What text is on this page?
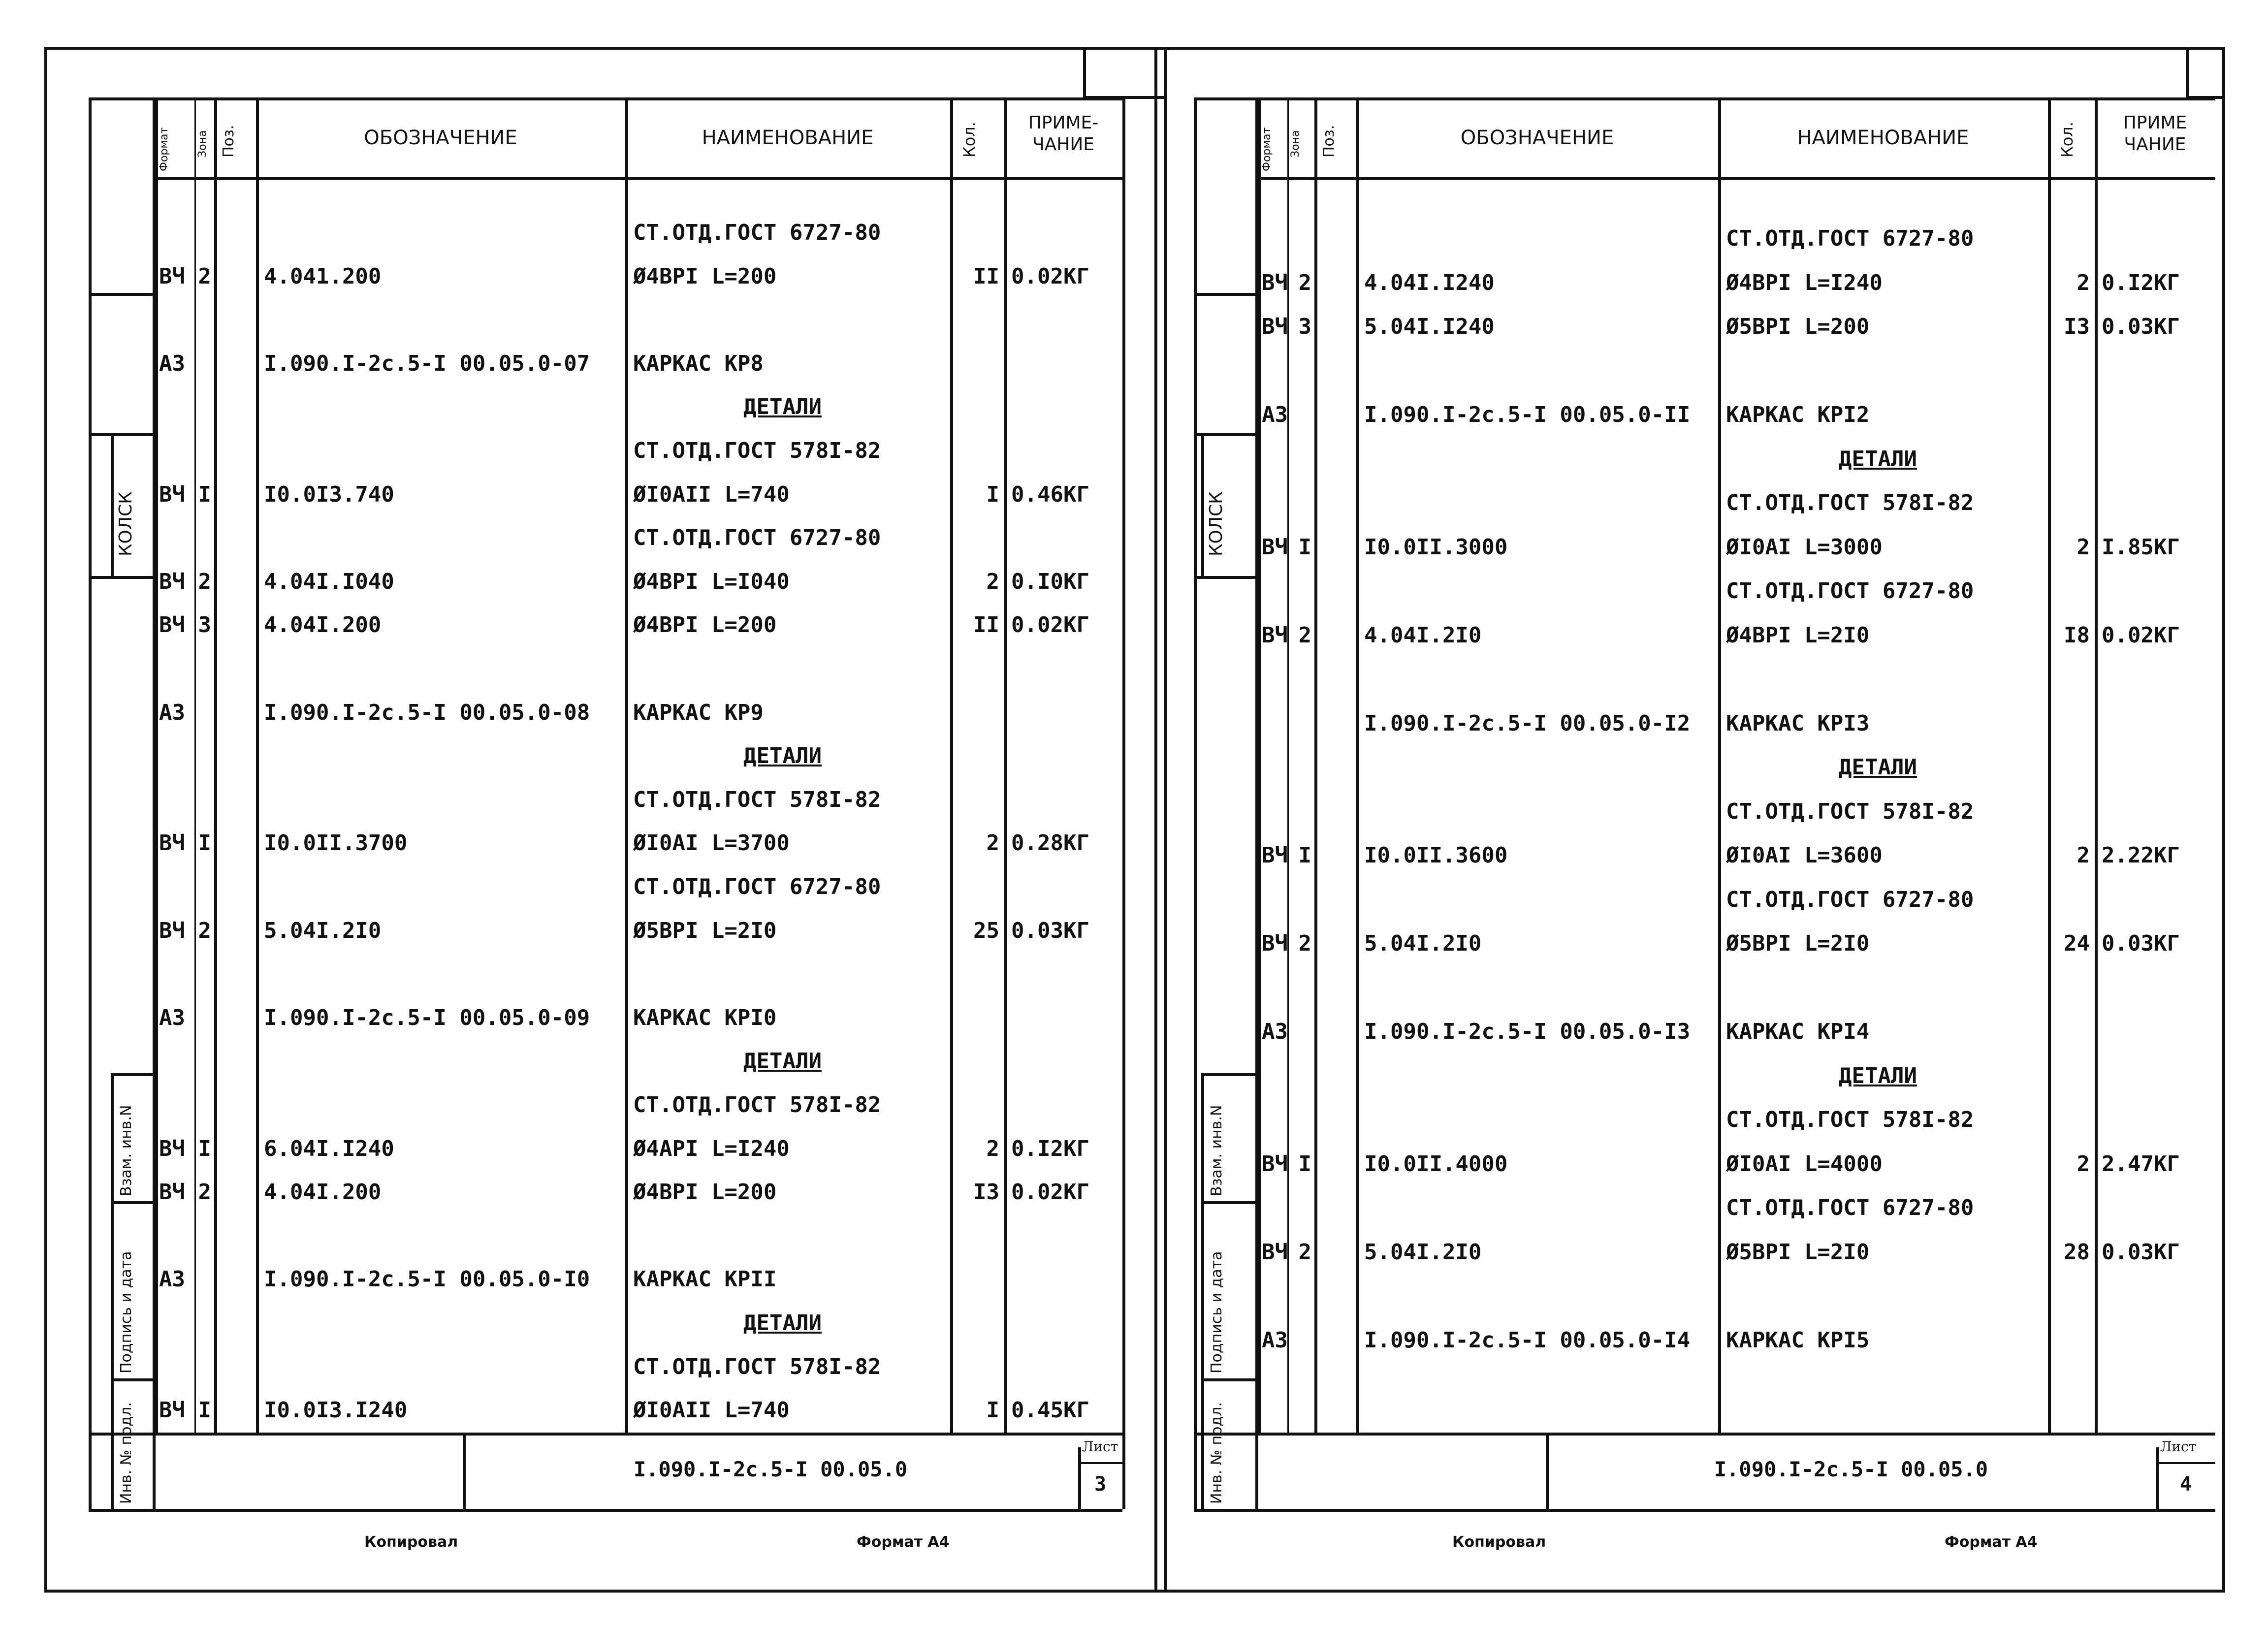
КОЛСК
Взам. инв.N
Подпись и дата
Инв. № подл.
Формат Зона Поз.	ОБОЗНАЧЕНИЕ	НАИМЕНОВАНИЕ	Кол.	ПРИМЕ-
ЧАНИЕ
СТ.ОТД.ГОСТ 6727-80
ВЧ 2 4.041.200	Ø4BPI L=200	II 0.02КГ
А3	I.090.I-2с.5-I 00.05.0-07 КАРКАС КР8
ДЕТАЛИ
СТ.ОТД.ГОСТ 578I-82
ВЧ I I0.0I3.740	ØI0AII L=740	I 0.46КГ
СТ.ОТД.ГОСТ 6727-80
ВЧ 2 4.04I.I040	Ø4BPI L=I040	2 0.I0КГ
ВЧ 3 4.04I.200	Ø4BPI L=200	II 0.02КГ
А3	I.090.I-2с.5-I 00.05.0-08 КАРКАС КР9
ДЕТАЛИ
СТ.ОТД.ГОСТ 578I-82
ВЧ I I0.0II.3700	ØI0AI L=3700	2 0.28КГ
СТ.ОТД.ГОСТ 6727-80
ВЧ 2 5.04I.2I0	Ø5BPI L=2I0	25 0.03КГ
А3	I.090.I-2с.5-I 00.05.0-09 КАРКАС КРI0
ДЕТАЛИ
СТ.ОТД.ГОСТ 578I-82
ВЧ I 6.04I.I240	Ø4API L=I240	2 0.I2КГ
ВЧ 2 4.04I.200	Ø4BPI L=200	I3 0.02КГ
А3	I.090.I-2с.5-I 00.05.0-I0 КАРКАС КРII
ДЕТАЛИ
СТ.ОТД.ГОСТ 578I-82
ВЧ I I0.0I3.I240	ØI0AII L=740	I 0.45КГ
I.090.I-2с.5-I 00.05.0
Лист
3
Копировал	Формат А4
КОЛСК
Взам. инв.N
Подпись и дата
Инв. № подл.
Формат Зона Поз.	ОБОЗНАЧЕНИЕ	НАИМЕНОВАНИЕ	Кол.	ПРИМЕ
ЧАНИЕ
СТ.ОТД.ГОСТ 6727-80
ВЧ 2 4.04I.I240	Ø4BPI L=I240	2 0.I2КГ
ВЧ 3 5.04I.I240	Ø5BPI L=200	I3 0.03КГ
А3	I.090.I-2с.5-I 00.05.0-II КАРКАС КРI2
ДЕТАЛИ
СТ.ОТД.ГОСТ 578I-82
ВЧ I I0.0II.3000	ØI0AI L=3000	2 I.85КГ
СТ.ОТД.ГОСТ 6727-80
ВЧ 2 4.04I.2I0	Ø4BPI L=2I0	I8 0.02КГ
I.090.I-2с.5-I 00.05.0-I2 КАРКАС КРI3
ДЕТАЛИ
СТ.ОТД.ГОСТ 578I-82
ВЧ I I0.0II.3600	ØI0AI L=3600	2 2.22КГ
СТ.ОТД.ГОСТ 6727-80
ВЧ 2 5.04I.2I0	Ø5BPI L=2I0	24 0.03КГ
А3	I.090.I-2с.5-I 00.05.0-I3 КАРКАС КРI4
ДЕТАЛИ
СТ.ОТД.ГОСТ 578I-82
ВЧ I I0.0II.4000	ØI0AI L=4000	2 2.47КГ
СТ.ОТД.ГОСТ 6727-80
ВЧ 2 5.04I.2I0	Ø5BPI L=2I0	28 0.03КГ
А3	I.090.I-2с.5-I 00.05.0-I4 КАРКАС КРI5
I.090.I-2с.5-I 00.05.0
Лист
4
Копировал	Формат А4
